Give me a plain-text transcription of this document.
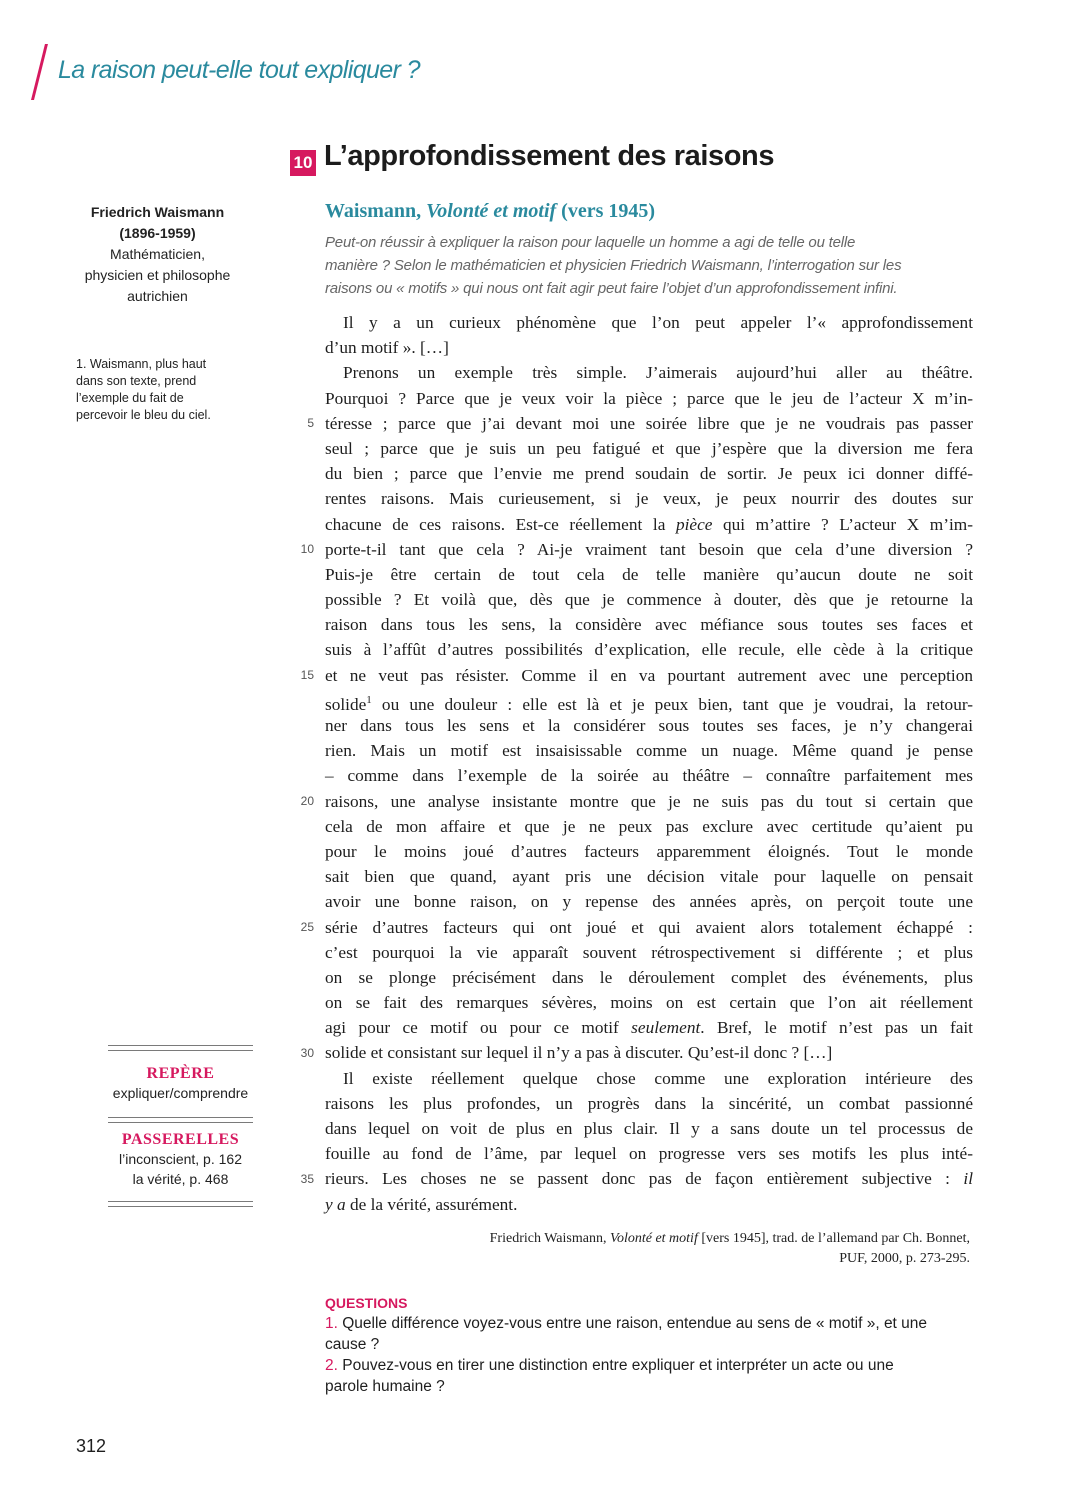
La raison peut-elle tout expliquer ?
Friedrich Waismann
(1896-1959)
Mathématicien,
physicien et philosophe
autrichien
1. Waismann, plus haut
dans son texte, prend
l’exemple du fait de
percevoir le bleu du ciel.
REPÈRE
expliquer/comprendre
PASSERELLES
l’inconscient, p. 162
la vérité, p. 468
10 L’approfondissement des raisons
Waismann, Volonté et motif (vers 1945)
Peut-on réussir à expliquer la raison pour laquelle un homme a agi de telle ou telle
manière ? Selon le mathématicien et physicien Friedrich Waismann, l’interrogation sur les
raisons ou « motifs » qui nous ont fait agir peut faire l’objet d’un approfondissement infini.
Il y a un curieux phénomène que l’on peut appeler l’« approfondissement
d’un motif ». […]
Prenons un exemple très simple. J’aimerais aujourd’hui aller au théâtre.
Pourquoi ? Parce que je veux voir la pièce ; parce que le jeu de l’acteur X m’in-
téresse ; parce que j’ai devant moi une soirée libre que je ne voudrais pas passer
seul ; parce que je suis un peu fatigué et que j’espère que la diversion me fera
du bien ; parce que l’envie me prend soudain de sortir. Je peux ici donner diffé-
rentes raisons. Mais curieusement, si je veux, je peux nourrir des doutes sur
chacune de ces raisons. Est-ce réellement la pièce qui m’attire ? L’acteur X m’im-
porte-t-il tant que cela ? Ai-je vraiment tant besoin que cela d’une diversion ?
Puis-je être certain de tout cela de telle manière qu’aucun doute ne soit
possible ? Et voilà que, dès que je commence à douter, dès que je retourne la
raison dans tous les sens, la considère avec méfiance sous toutes ses faces et
suis à l’affût d’autres possibilités d’explication, elle recule, elle cède à la critique
et ne veut pas résister. Comme il en va pourtant autrement avec une perception
solide$^1$ ou une douleur : elle est là et je peux bien, tant que je voudrai, la retour-
ner dans tous les sens et la considérer sous toutes ses faces, je n’y changerai
rien. Mais un motif est insaisissable comme un nuage. Même quand je pense
– comme dans l’exemple de la soirée au théâtre – connaître parfaitement mes
raisons, une analyse insistante montre que je ne suis pas du tout si certain que
cela de mon affaire et que je ne peux pas exclure avec certitude qu’aient pu
pour le moins joué d’autres facteurs apparemment éloignés. Tout le monde
sait bien que quand, ayant pris une décision vitale pour laquelle on pensait
avoir une bonne raison, on y repense des années après, on perçoit toute une
série d’autres facteurs qui ont joué et qui avaient alors totalement échappé :
c’est pourquoi la vie apparaît souvent rétrospectivement si différente ; et plus
on se plonge précisément dans le déroulement complet des événements, plus
on se fait des remarques sévères, moins on est certain que l’on ait réellement
agi pour ce motif ou pour ce motif seulement. Bref, le motif n’est pas un fait
solide et consistant sur lequel il n’y a pas à discuter. Qu’est-il donc ? […]
Il existe réellement quelque chose comme une exploration intérieure des
raisons les plus profondes, un progrès dans la sincérité, un combat passionné
dans lequel on voit de plus en plus clair. Il y a sans doute un tel processus de
fouille au fond de l’âme, par lequel on progresse vers ses motifs les plus inté-
rieurs. Les choses ne se passent donc pas de façon entièrement subjective : il
y a de la vérité, assurément.
5
10
15
20
25
30
35
Friedrich Waismann, Volonté et motif [vers 1945], trad. de l’allemand par Ch. Bonnet,
PUF, 2000, p. 273-295.
QUESTIONS
1. Quelle différence voyez-vous entre une raison, entendue au sens de « motif », et une
cause ?
2. Pouvez-vous en tirer une distinction entre expliquer et interpréter un acte ou une
parole humaine ?
312
